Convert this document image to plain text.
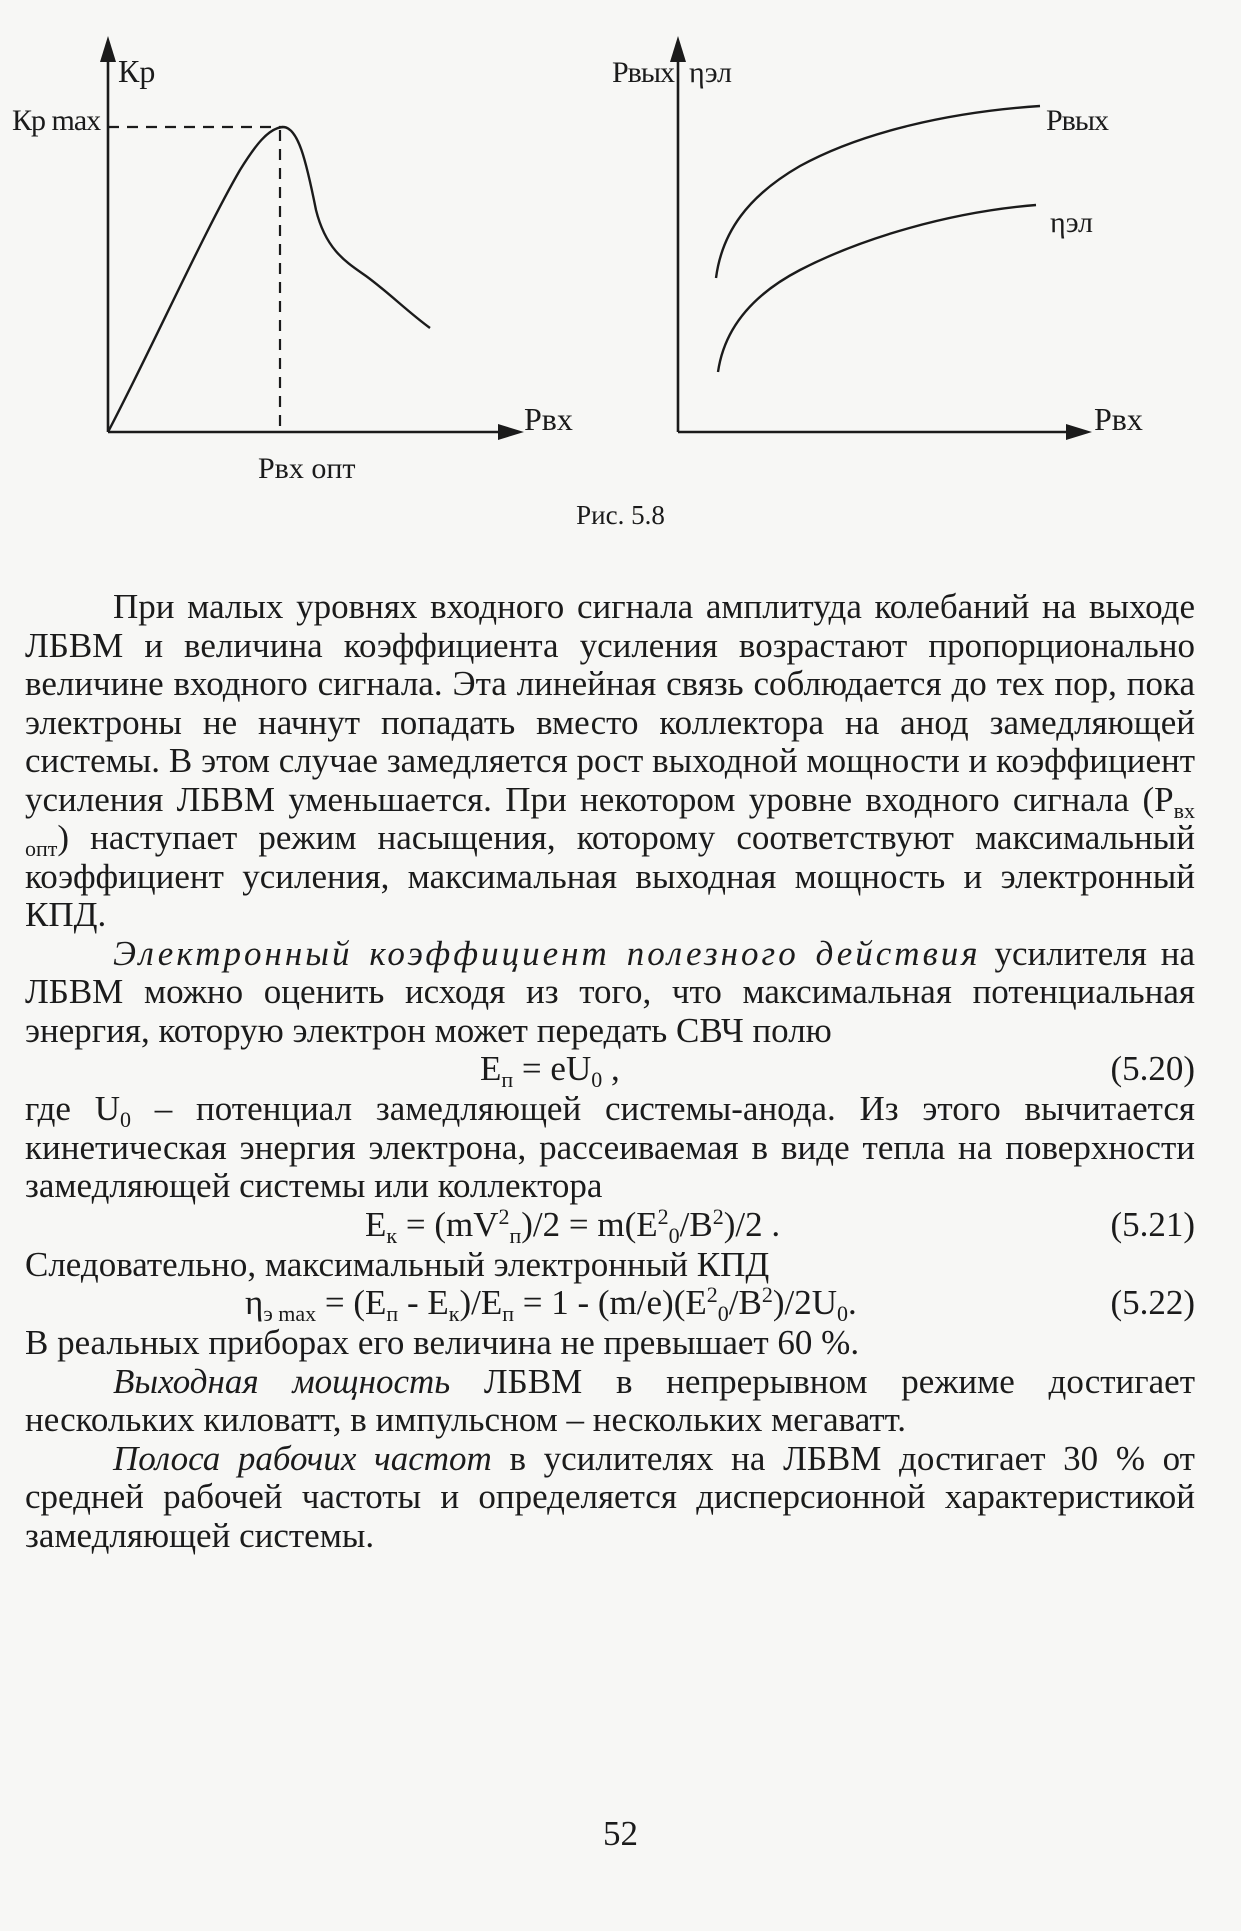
Кр
Кр max
Рвх
Рвх опт
Рвых ηэл
Рвых
ηэл
Рвх
Рис. 5.8

При малых уровнях входного сигнала амплитуда колебаний на выходе ЛБВМ и величина коэффициента усиления возрастают пропорционально величине входного сигнала. Эта линейная связь соблюдается до тех пор, пока электроны не начнут попадать вместо коллектора на анод замедляющей системы. В этом случае замедляется рост выходной мощности и коэффициент усиления ЛБВМ уменьшается. При некотором уровне входного сигнала $(Р_{вх опт})$ наступает режим насыщения, которому соответствуют максимальный коэффициент усиления, максимальная выходная мощность и электронный КПД.

Электронный коэффициент полезного действия усилителя на ЛБВМ можно оценить исходя из того, что максимальная потенциальная энергия, которую электрон может передать СВЧ полю

$E_п = eU_0$ ,	(5.20)

где $U_0$ – потенциал замедляющей системы-анода. Из этого вычитается кинетическая энергия электрона, рассеиваемая в виде тепла на поверхности замедляющей системы или коллектора

$E_к = (mV^2_п)/2 = m(E^2_0/B^2)/2$ .	(5.21)

Следовательно, максимальный электронный КПД

$\eta_{э max} = (E_п - E_к)/E_п = 1 - (m/e)(E^2_0/B^2)/2U_0$.	(5.22)

В реальных приборах его величина не превышает 60 %.

Выходная мощность ЛБВМ в непрерывном режиме достигает нескольких киловатт, в импульсном – нескольких мегаватт.

Полоса рабочих частот в усилителях на ЛБВМ достигает 30 % от средней рабочей частоты и определяется дисперсионной характеристикой замедляющей системы.

52
